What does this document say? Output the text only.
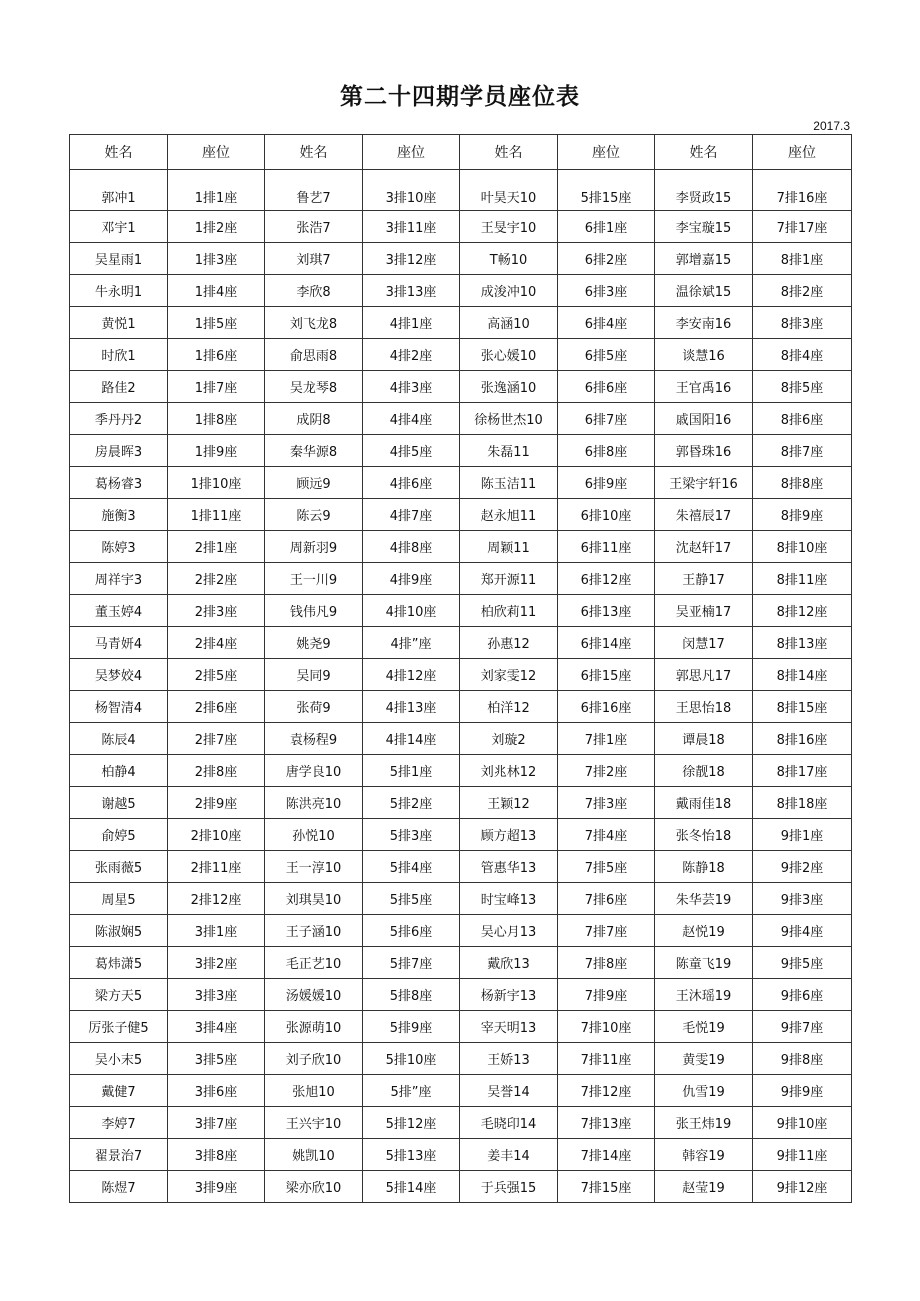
第二十四期学员座位表
2017.3
姓名	座位	姓名	座位	姓名	座位	姓名	座位
郭冲1	1排1座	鲁艺7	3排10座	叶昊天10	5排15座	李贤政15	7排16座
邓宇1	1排2座	张浩7	3排11座	王旻宇10	6排1座	李宝璇15	7排17座
吴星雨1	1排3座	刘琪7	3排12座	T畅10	6排2座	郭增嘉15	8排1座
牛永明1	1排4座	李欣8	3排13座	成浚冲10	6排3座	温徐斌15	8排2座
黄悦1	1排5座	刘飞龙8	4排1座	高涵10	6排4座	李安南16	8排3座
时欣1	1排6座	俞思雨8	4排2座	张心媛10	6排5座	谈慧16	8排4座
路佳2	1排7座	吴龙琴8	4排3座	张逸涵10	6排6座	王官禹16	8排5座
季丹丹2	1排8座	成阴8	4排4座	徐杨世杰10	6排7座	戚国阳16	8排6座
房晨晖3	1排9座	秦华源8	4排5座	朱磊11	6排8座	郭昬珠16	8排7座
葛杨睿3	1排10座	顾远9	4排6座	陈玉洁11	6排9座	王梁宇轩16	8排8座
施衡3	1排11座	陈云9	4排7座	赵永旭11	6排10座	朱禧辰17	8排9座
陈婷3	2排1座	周新羽9	4排8座	周颖11	6排11座	沈赵轩17	8排10座
周祥宇3	2排2座	王一川9	4排9座	郑开源11	6排12座	王静17	8排11座
董玉婷4	2排3座	钱伟凡9	4排10座	柏欣莉11	6排13座	吴亚楠17	8排12座
马青妍4	2排4座	姚尧9	4排”座	孙惠12	6排14座	闵慧17	8排13座
吴梦姣4	2排5座	吴同9	4排12座	刘家雯12	6排15座	郭思凡17	8排14座
杨智清4	2排6座	张荷9	4排13座	柏洋12	6排16座	王思怡18	8排15座
陈辰4	2排7座	袁杨程9	4排14座	刘璇2	7排1座	谭晨18	8排16座
柏静4	2排8座	唐学良10	5排1座	刘兆林12	7排2座	徐靓18	8排17座
谢越5	2排9座	陈洪亮10	5排2座	王颖12	7排3座	戴雨佳18	8排18座
俞婷5	2排10座	孙悦10	5排3座	顾方超13	7排4座	张冬怡18	9排1座
张雨薇5	2排11座	王一淳10	5排4座	管惠华13	7排5座	陈静18	9排2座
周星5	2排12座	刘琪昊10	5排5座	时宝峰13	7排6座	朱华芸19	9排3座
陈淑娴5	3排1座	王子涵10	5排6座	吴心月13	7排7座	赵悦19	9排4座
葛炜潇5	3排2座	毛正艺10	5排7座	戴欣13	7排8座	陈童飞19	9排5座
梁方天5	3排3座	汤媛媛10	5排8座	杨新宇13	7排9座	王沐瑶19	9排6座
厉张子健5	3排4座	张源萌10	5排9座	宰天明13	7排10座	毛悦19	9排7座
吴小末5	3排5座	刘子欣10	5排10座	王娇13	7排11座	黄雯19	9排8座
戴健7	3排6座	张旭10	5排”座	吴誉14	7排12座	仇雪19	9排9座
李婷7	3排7座	王兴宇10	5排12座	毛晓印14	7排13座	张王炜19	9排10座
翟景治7	3排8座	姚凯10	5排13座	姜丰14	7排14座	韩容19	9排11座
陈煜7	3排9座	梁亦欣10	5排14座	于兵强15	7排15座	赵莹19	9排12座
